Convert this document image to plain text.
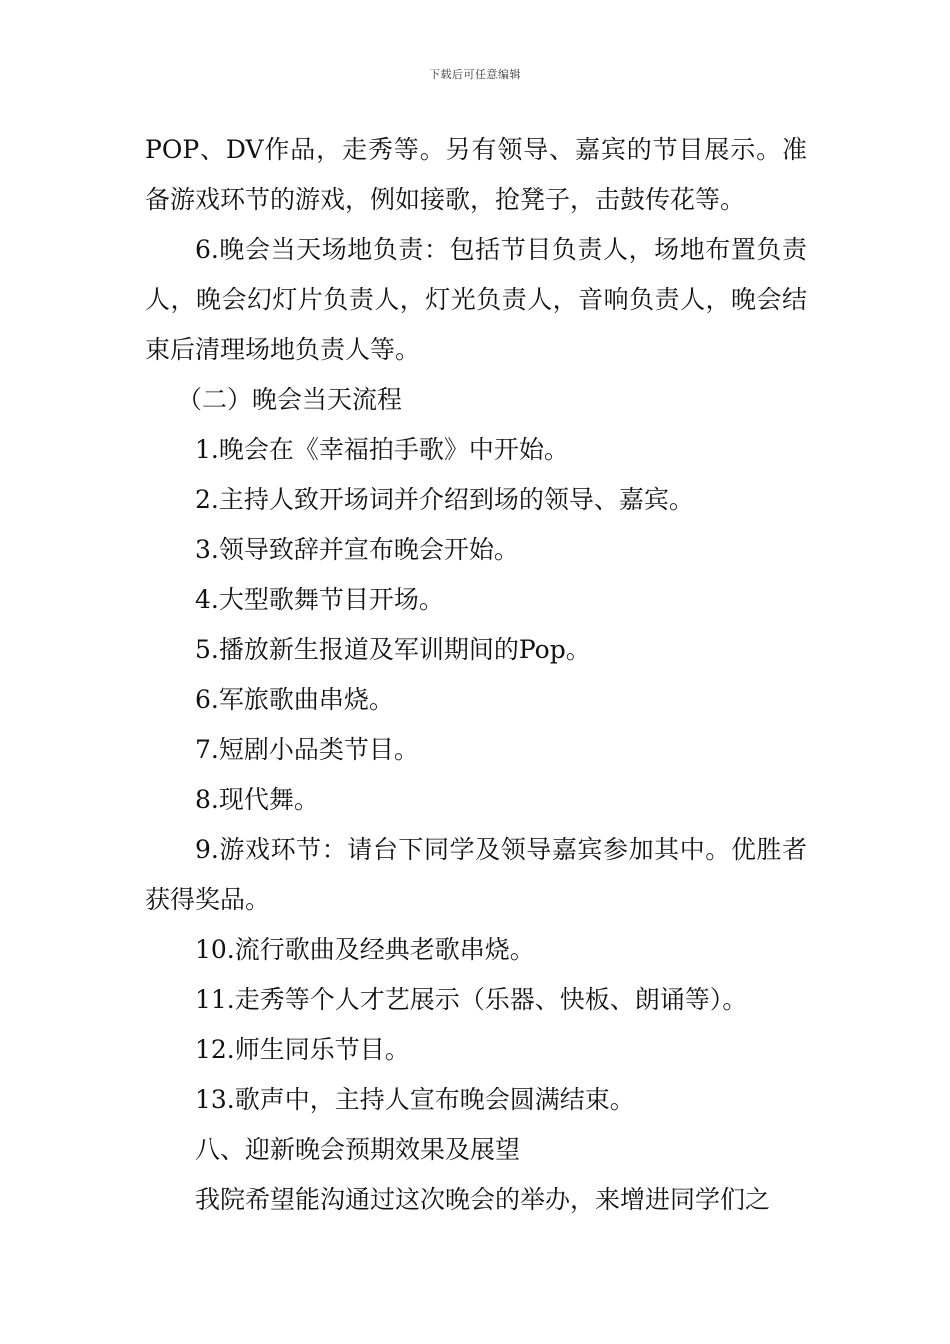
下载后可任意编辑

POP、DV作品，走秀等。另有领导、嘉宾的节目展示。准备游戏环节的游戏，例如接歌，抢凳子，击鼓传花等。

6.晚会当天场地负责：包括节目负责人，场地布置负责人，晚会幻灯片负责人，灯光负责人，音响负责人，晚会结束后清理场地负责人等。

（二）晚会当天流程

1.晚会在《幸福拍手歌》中开始。

2.主持人致开场词并介绍到场的领导、嘉宾。

3.领导致辞并宣布晚会开始。

4.大型歌舞节目开场。

5.播放新生报道及军训期间的Pop。

6.军旅歌曲串烧。

7.短剧小品类节目。

8.现代舞。

9.游戏环节：请台下同学及领导嘉宾参加其中。优胜者获得奖品。

10.流行歌曲及经典老歌串烧。

11.走秀等个人才艺展示（乐器、快板、朗诵等）。

12.师生同乐节目。

13.歌声中，主持人宣布晚会圆满结束。

八、迎新晚会预期效果及展望

我院希望能沟通过这次晚会的举办，来增进同学们之
